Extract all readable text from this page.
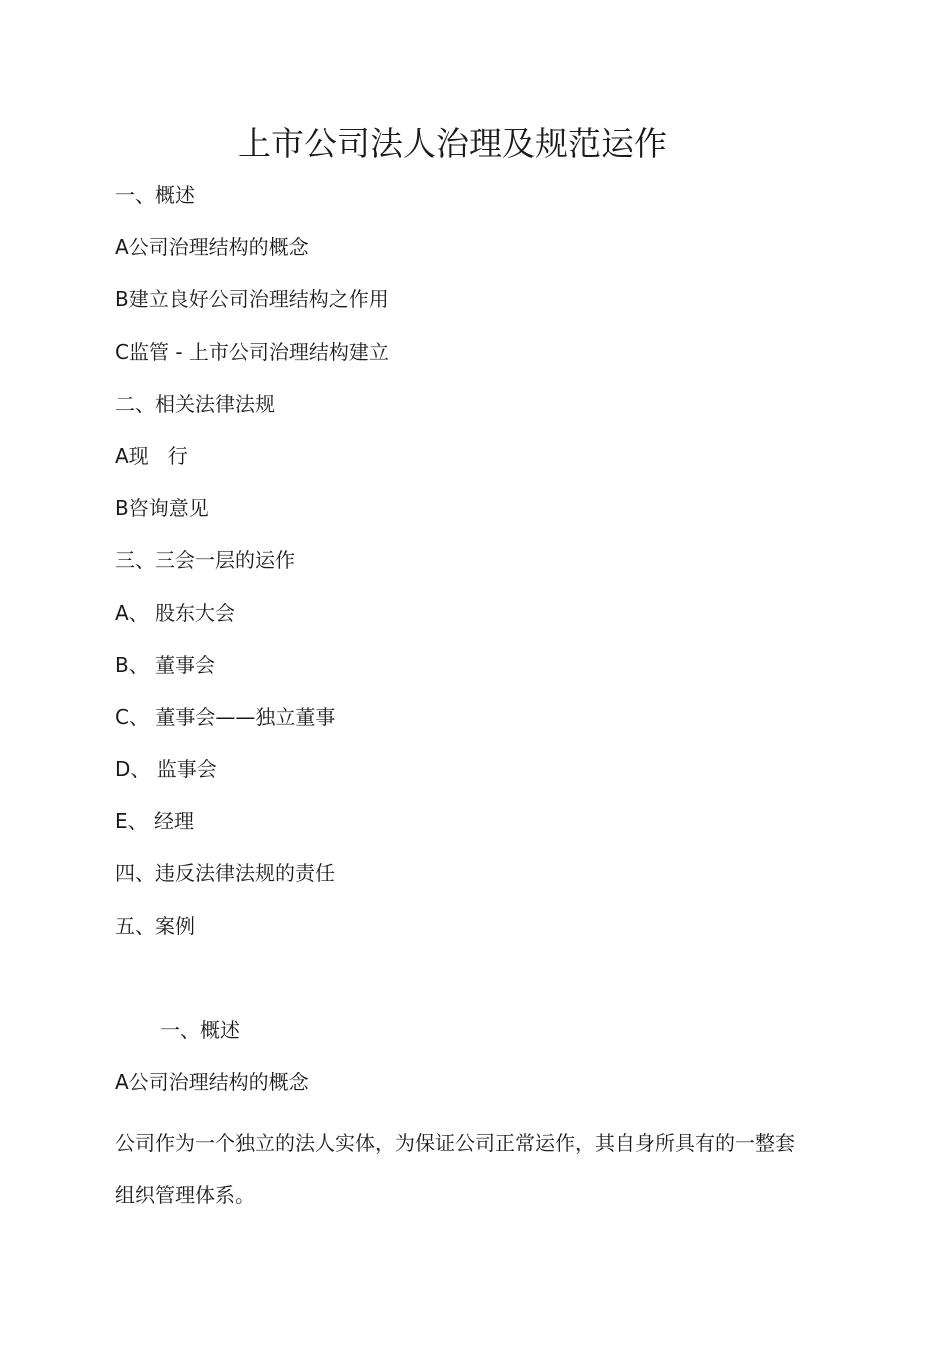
上市公司法人治理及规范运作
一、概述
A公司治理结构的概念
B建立良好公司治理结构之作用
C监管 - 上市公司治理结构建立
二、相关法律法规
A现   行
B咨询意见
三、三会一层的运作
A、 股东大会
B、 董事会
C、 董事会——独立董事
D、 监事会
E、 经理
四、违反法律法规的责任
五、案例
一、概述
A公司治理结构的概念

公司作为一个独立的法人实体，为保证公司正常运作，其自身所具有的一整套组织管理体系。
